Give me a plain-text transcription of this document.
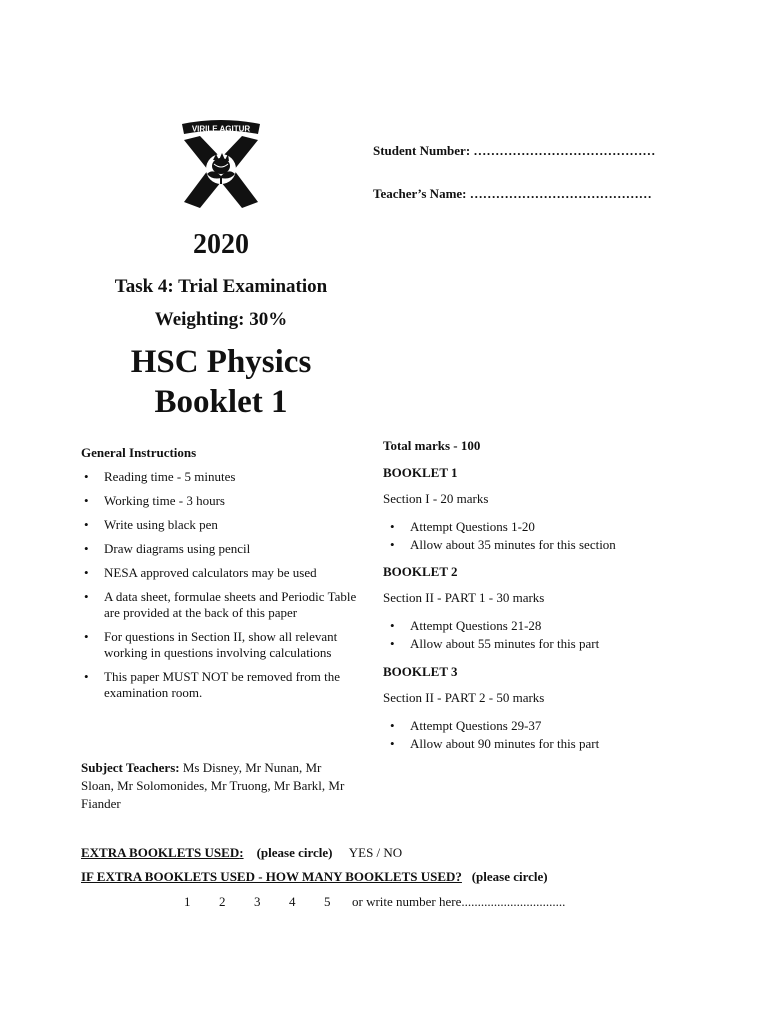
VIRILE AGITUR
Student Number: ……………………………………
Teacher’s Name: ……………………………………
2020
Task 4: Trial Examination
Weighting: 30%
HSC Physics
Booklet 1
General Instructions
• Reading time - 5 minutes
• Working time - 3 hours
• Write using black pen
• Draw diagrams using pencil
• NESA approved calculators may be used
• A data sheet, formulae sheets and Periodic Table are provided at the back of this paper
• For questions in Section II, show all relevant working in questions involving calculations
• This paper MUST NOT be removed from the examination room.
Subject Teachers: Ms Disney, Mr Nunan, Mr Sloan, Mr Solomonides, Mr Truong, Mr Barkl, Mr Fiander
Total marks - 100
BOOKLET 1
Section I - 20 marks
• Attempt Questions 1-20
• Allow about 35 minutes for this section
BOOKLET 2
Section II - PART 1 - 30 marks
• Attempt Questions 21-28
• Allow about 55 minutes for this part
BOOKLET 3
Section II - PART 2 - 50 marks
• Attempt Questions 29-37
• Allow about 90 minutes for this part
EXTRA BOOKLETS USED: (please circle) YES / NO
IF EXTRA BOOKLETS USED - HOW MANY BOOKLETS USED? (please circle)
1 2 3 4 5 or write number here................................
